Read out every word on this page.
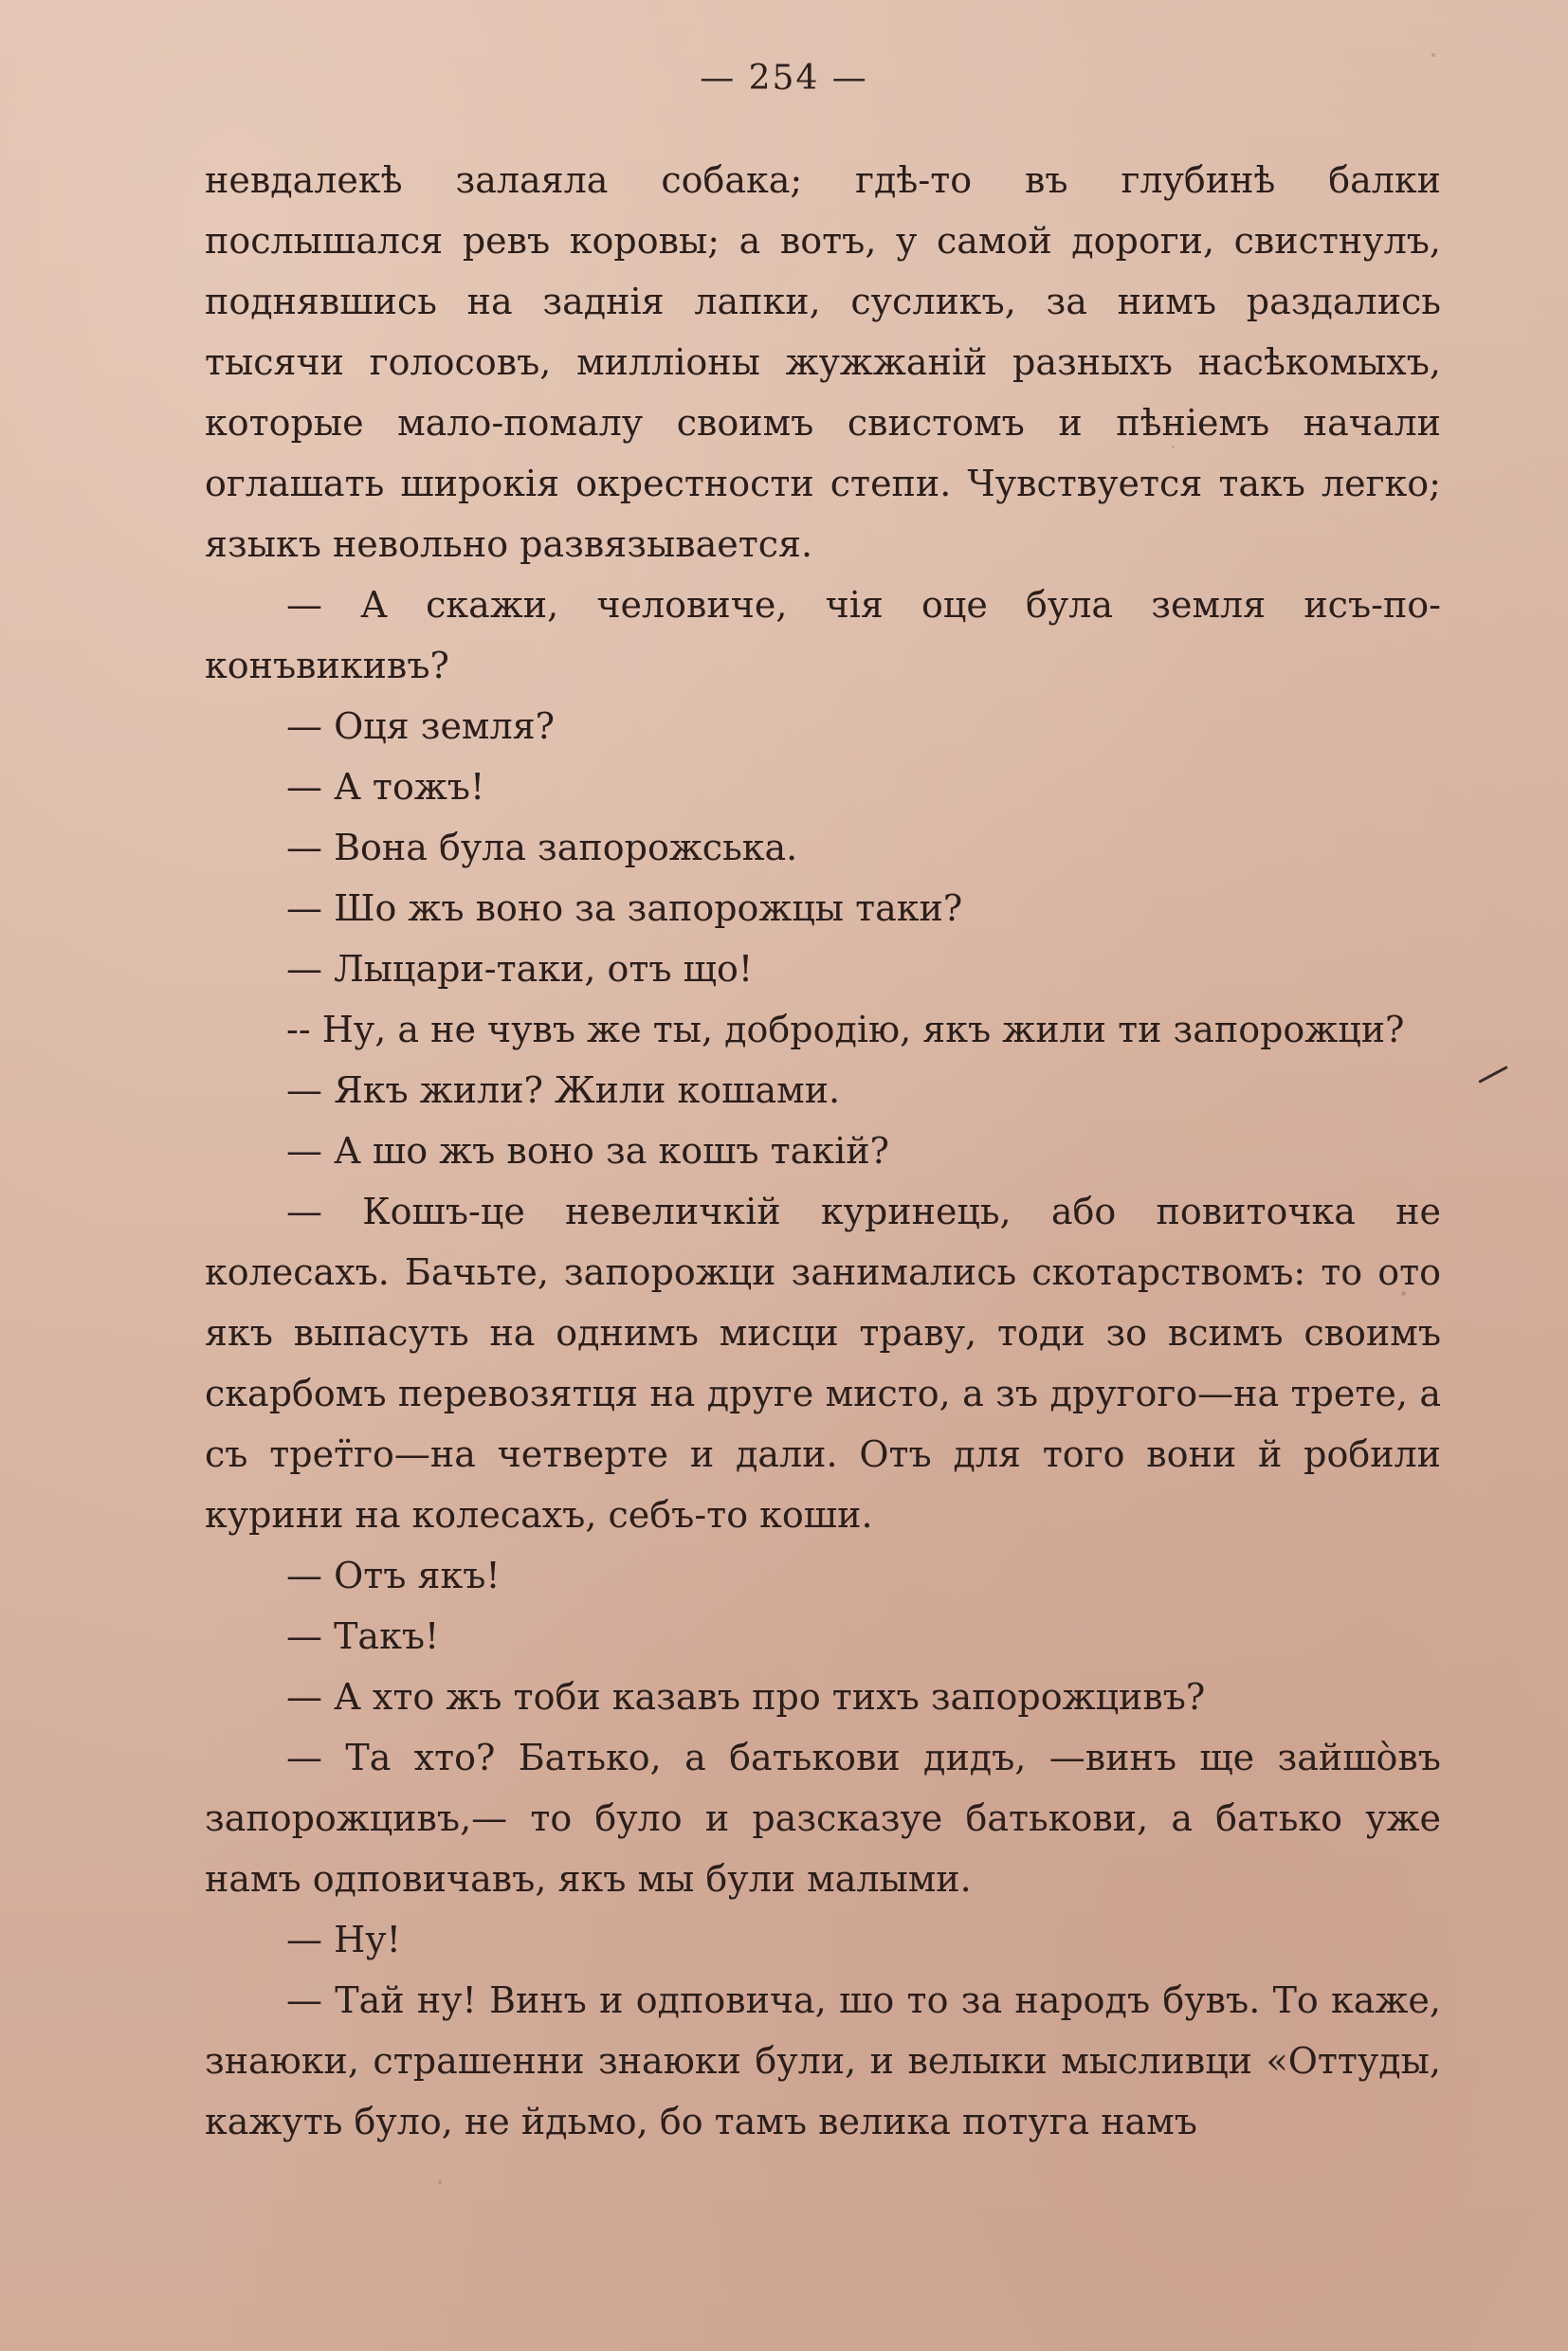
— 254 —

невдалекѣ залаяла собака; гдѣ-то въ глубинѣ балки послышался ревъ коровы; а вотъ, у самой дороги, свистнулъ, поднявшись на заднія лапки, сусликъ, за нимъ раздались тысячи голосовъ, милліоны жужжаній разныхъ насѣкомыхъ, которые мало-помалу своимъ свистомъ и пѣніемъ начали оглашать широкія окрестности степи. Чувствуется такъ легко; языкъ невольно развязывается.

— А скажи, человиче, чія оце була земля исъ-по-конъвикивъ?

— Оця земля?

— А тожъ!

— Вона була запорожська.

— Шо жъ воно за запорожцы таки?

— Лыцари-таки, отъ що!

-- Ну, а не чувъ же ты, добродію, якъ жили ти запорожци?

— Якъ жили? Жили кошами.

— А шо жъ воно за кошъ такій?

— Кошъ-це невеличкій куринець, або повиточка не колесахъ. Бачьте, запорожци занимались скотарствомъ: то ото якъ выпасуть на однимъ мисци траву, тоди зо всимъ своимъ скарбомъ перевозятця на друге мисто, а зъ другого—на трете, а съ трет̈го—на четверте и дали. Отъ для того вони й робили курини на колесахъ, себъ-то коши.

— Отъ якъ!

— Такъ!

— А хто жъ тоби казавъ про тихъ запорожцивъ?

— Та хто? Батько, а батькови дидъ, —винъ ще зайшòвъ запорожцивъ,— то було и разсказуе батькови, а батько уже намъ одповичавъ, якъ мы були малыми.

— Ну!

— Тай ну! Винъ и одповича, шо то за народъ бувъ. То каже, знаюки, страшенни знаюки були, и велыки мысливци «Оттуды, кажуть було, не йдьмо, бо тамъ велика потуга намъ
